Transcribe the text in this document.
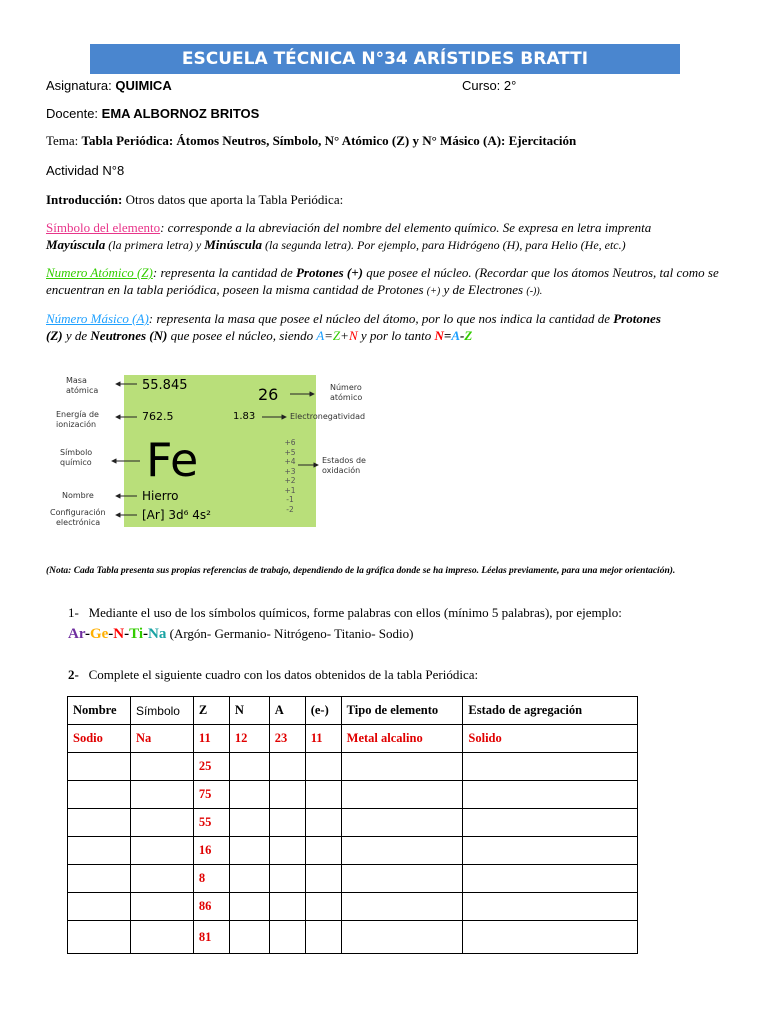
ESCUELA TÉCNICA N°34 ARÍSTIDES BRATTI
Asignatura: QUIMICA	Curso: 2°
Docente: EMA ALBORNOZ BRITOS
Tema: Tabla Periódica: Átomos Neutros, Símbolo, N° Atómico (Z) y N° Másico (A): Ejercitación
Actividad N°8
Introducción: Otros datos que aporta la Tabla Periódica:
Símbolo del elemento: corresponde a la abreviación del nombre del elemento químico. Se expresa en letra imprenta
Mayúscula (la primera letra) y Minúscula (la segunda letra). Por ejemplo, para Hidrógeno (H), para Helio (He, etc.)
Numero Atómico (Z): representa la cantidad de Protones (+) que posee el núcleo. (Recordar que los átomos Neutros, tal como se encuentran en la tabla periódica, poseen la misma cantidad de Protones (+) y de Electrones (-)).
Número Másico (A): representa la masa que posee el núcleo del átomo, por lo que nos indica la cantidad de Protones
(Z) y de Neutrones (N) que posee el núcleo, siendo A=Z+N y por lo tanto N=A-Z
55.845	26
762.5	1.83
Fe
Hierro
[Ar] 3d⁶ 4s²
+6
+5
+4
+3
+2
+1
-1
-2
Masa
atómica
Energía de
ionización
Símbolo
químico
Nombre
Configuración
electrónica
Número
atómico
Electronegatividad
Estados de
oxidación
(Nota: Cada Tabla presenta sus propias referencias de trabajo, dependiendo de la gráfica donde se ha impreso. Léelas previamente, para una mejor orientación).
1- Mediante el uso de los símbolos químicos, forme palabras con ellos (mínimo 5 palabras), por ejemplo:
Ar-Ge-N-Ti-Na (Argón- Germanio- Nitrógeno- Titanio- Sodio)
2- Complete el siguiente cuadro con los datos obtenidos de la tabla Periódica:
Nombre	Símbolo	Z	N	A	(e-)	Tipo de elemento	Estado de agregación
Sodio	Na	11	12	23	11	Metal alcalino	Solido
		25					
		75					
		55					
		16					
		8					
		86					
		81					
